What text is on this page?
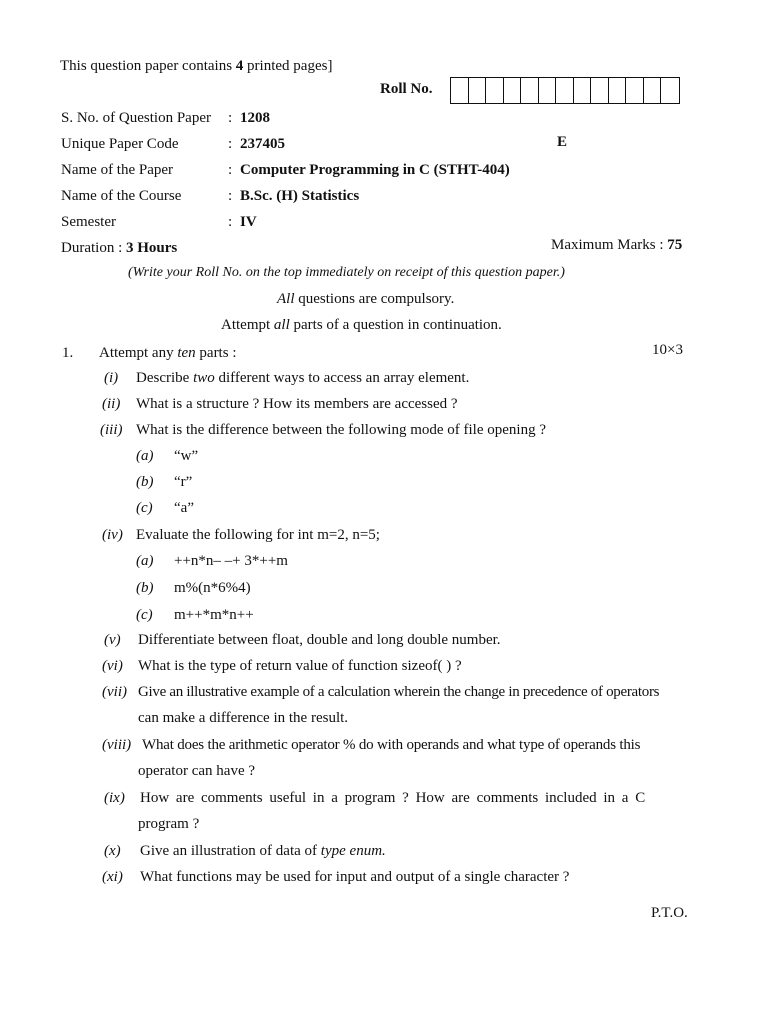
This question paper contains 4 printed pages]
Roll No.
S. No. of Question Paper : 1208
Unique Paper Code	: 237405	E
Name of the Paper	: Computer Programming in C (STHT-404)
Name of the Course	: B.Sc. (H) Statistics
Semester	: IV
Duration : 3 Hours	Maximum Marks : 75
(Write your Roll No. on the top immediately on receipt of this question paper.)
All questions are compulsory.
Attempt all parts of a question in continuation.
1. Attempt any ten parts :	10×3
(i) Describe two different ways to access an array element.
(ii) What is a structure ? How its members are accessed ?
(iii) What is the difference between the following mode of file opening ?
(a) “w”
(b) “r”
(c) “a”
(iv) Evaluate the following for int m=2, n=5;
(a) ++n*n– –+ 3*++m
(b) m%(n*6%4)
(c) m++*m*n++
(v) Differentiate between float, double and long double number.
(vi) What is the type of return value of function sizeof( ) ?
(vii) Give an illustrative example of a calculation wherein the change in precedence of operators
can make a difference in the result.
(viii) What does the arithmetic operator % do with operands and what type of operands this
operator can have ?
(ix) How are comments useful in a program ? How are comments included in a C
program ?
(x) Give an illustration of data of type enum.
(xi) What functions may be used for input and output of a single character ?
P.T.O.
